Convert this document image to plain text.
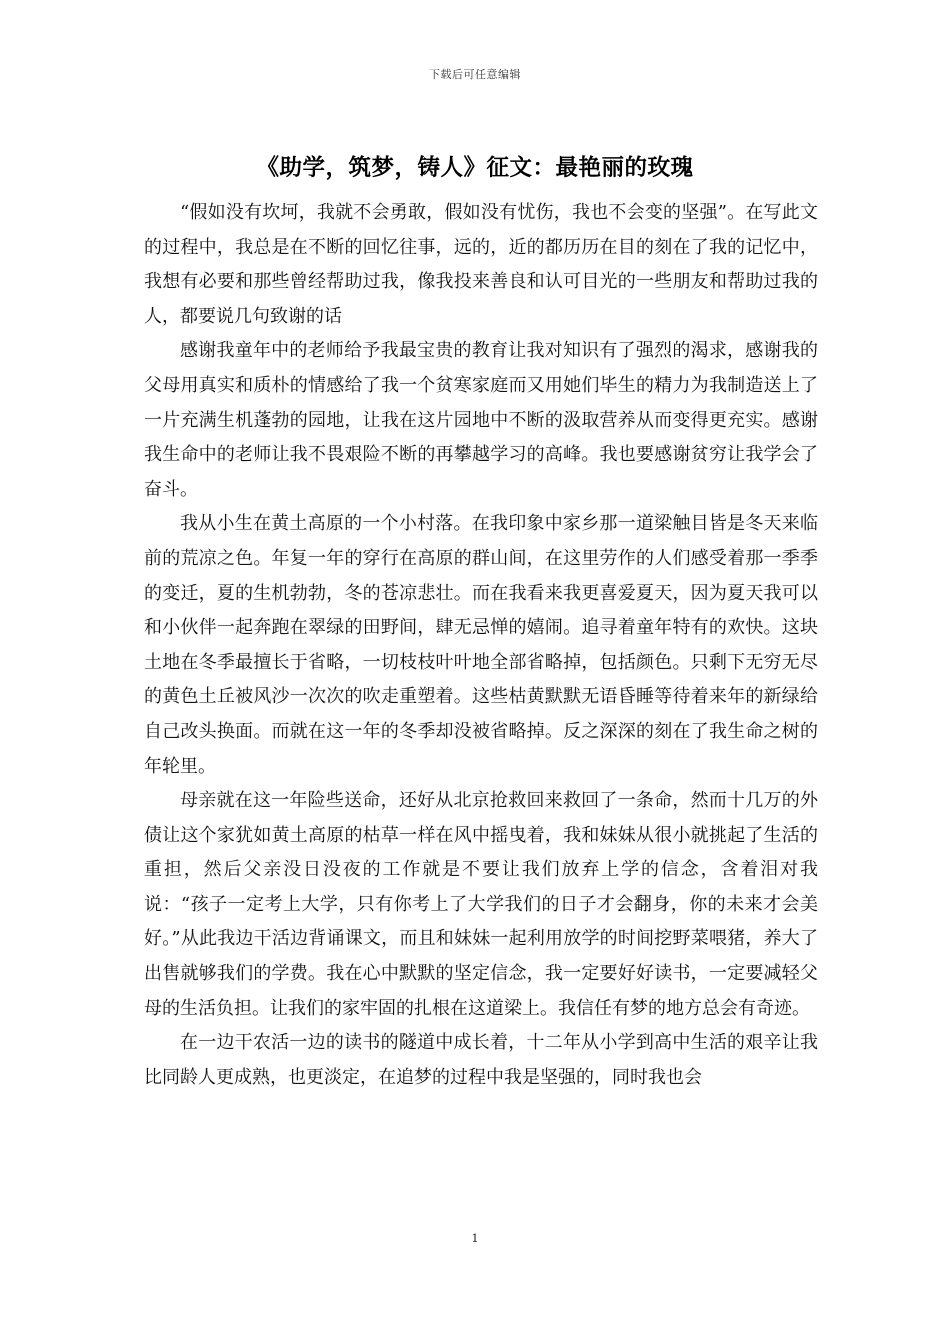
下载后可任意编辑
《助学，筑梦，铸人》征文：最艳丽的玫瑰

“假如没有坎坷，我就不会勇敢，假如没有忧伤，我也不会变的坚强”。在写此文的过程中，我总是在不断的回忆往事，远的，近的都历历在目的刻在了我的记忆中，我想有必要和那些曾经帮助过我，像我投来善良和认可目光的一些朋友和帮助过我的人，都要说几句致谢的话

感谢我童年中的老师给予我最宝贵的教育让我对知识有了强烈的渴求，感谢我的父母用真实和质朴的情感给了我一个贫寒家庭而又用她们毕生的精力为我制造送上了一片充满生机蓬勃的园地，让我在这片园地中不断的汲取营养从而变得更充实。感谢我生命中的老师让我不畏艰险不断的再攀越学习的高峰。我也要感谢贫穷让我学会了奋斗。

我从小生在黄土高原的一个小村落。在我印象中家乡那一道梁触目皆是冬天来临前的荒凉之色。年复一年的穿行在高原的群山间，在这里劳作的人们感受着那一季季的变迁，夏的生机勃勃，冬的苍凉悲壮。而在我看来我更喜爱夏天，因为夏天我可以和小伙伴一起奔跑在翠绿的田野间，肆无忌惮的嬉闹。追寻着童年特有的欢快。这块土地在冬季最擅长于省略，一切枝枝叶叶地全部省略掉，包括颜色。只剩下无穷无尽的黄色土丘被风沙一次次的吹走重塑着。这些枯黄默默无语昏睡等待着来年的新绿给自己改头换面。而就在这一年的冬季却没被省略掉。反之深深的刻在了我生命之树的年轮里。

母亲就在这一年险些送命，还好从北京抢救回来救回了一条命，然而十几万的外债让这个家犹如黄土高原的枯草一样在风中摇曳着，我和妹妹从很小就挑起了生活的重担，然后父亲没日没夜的工作就是不要让我们放弃上学的信念，含着泪对我说：“孩子一定考上大学，只有你考上了大学我们的日子才会翻身，你的未来才会美好。”从此我边干活边背诵课文，而且和妹妹一起利用放学的时间挖野菜喂猪，养大了出售就够我们的学费。我在心中默默的坚定信念，我一定要好好读书，一定要减轻父母的生活负担。让我们的家牢固的扎根在这道梁上。我信任有梦的地方总会有奇迹。

在一边干农活一边的读书的隧道中成长着，十二年从小学到高中生活的艰辛让我比同龄人更成熟，也更淡定，在追梦的过程中我是坚强的，同时我也会

1
